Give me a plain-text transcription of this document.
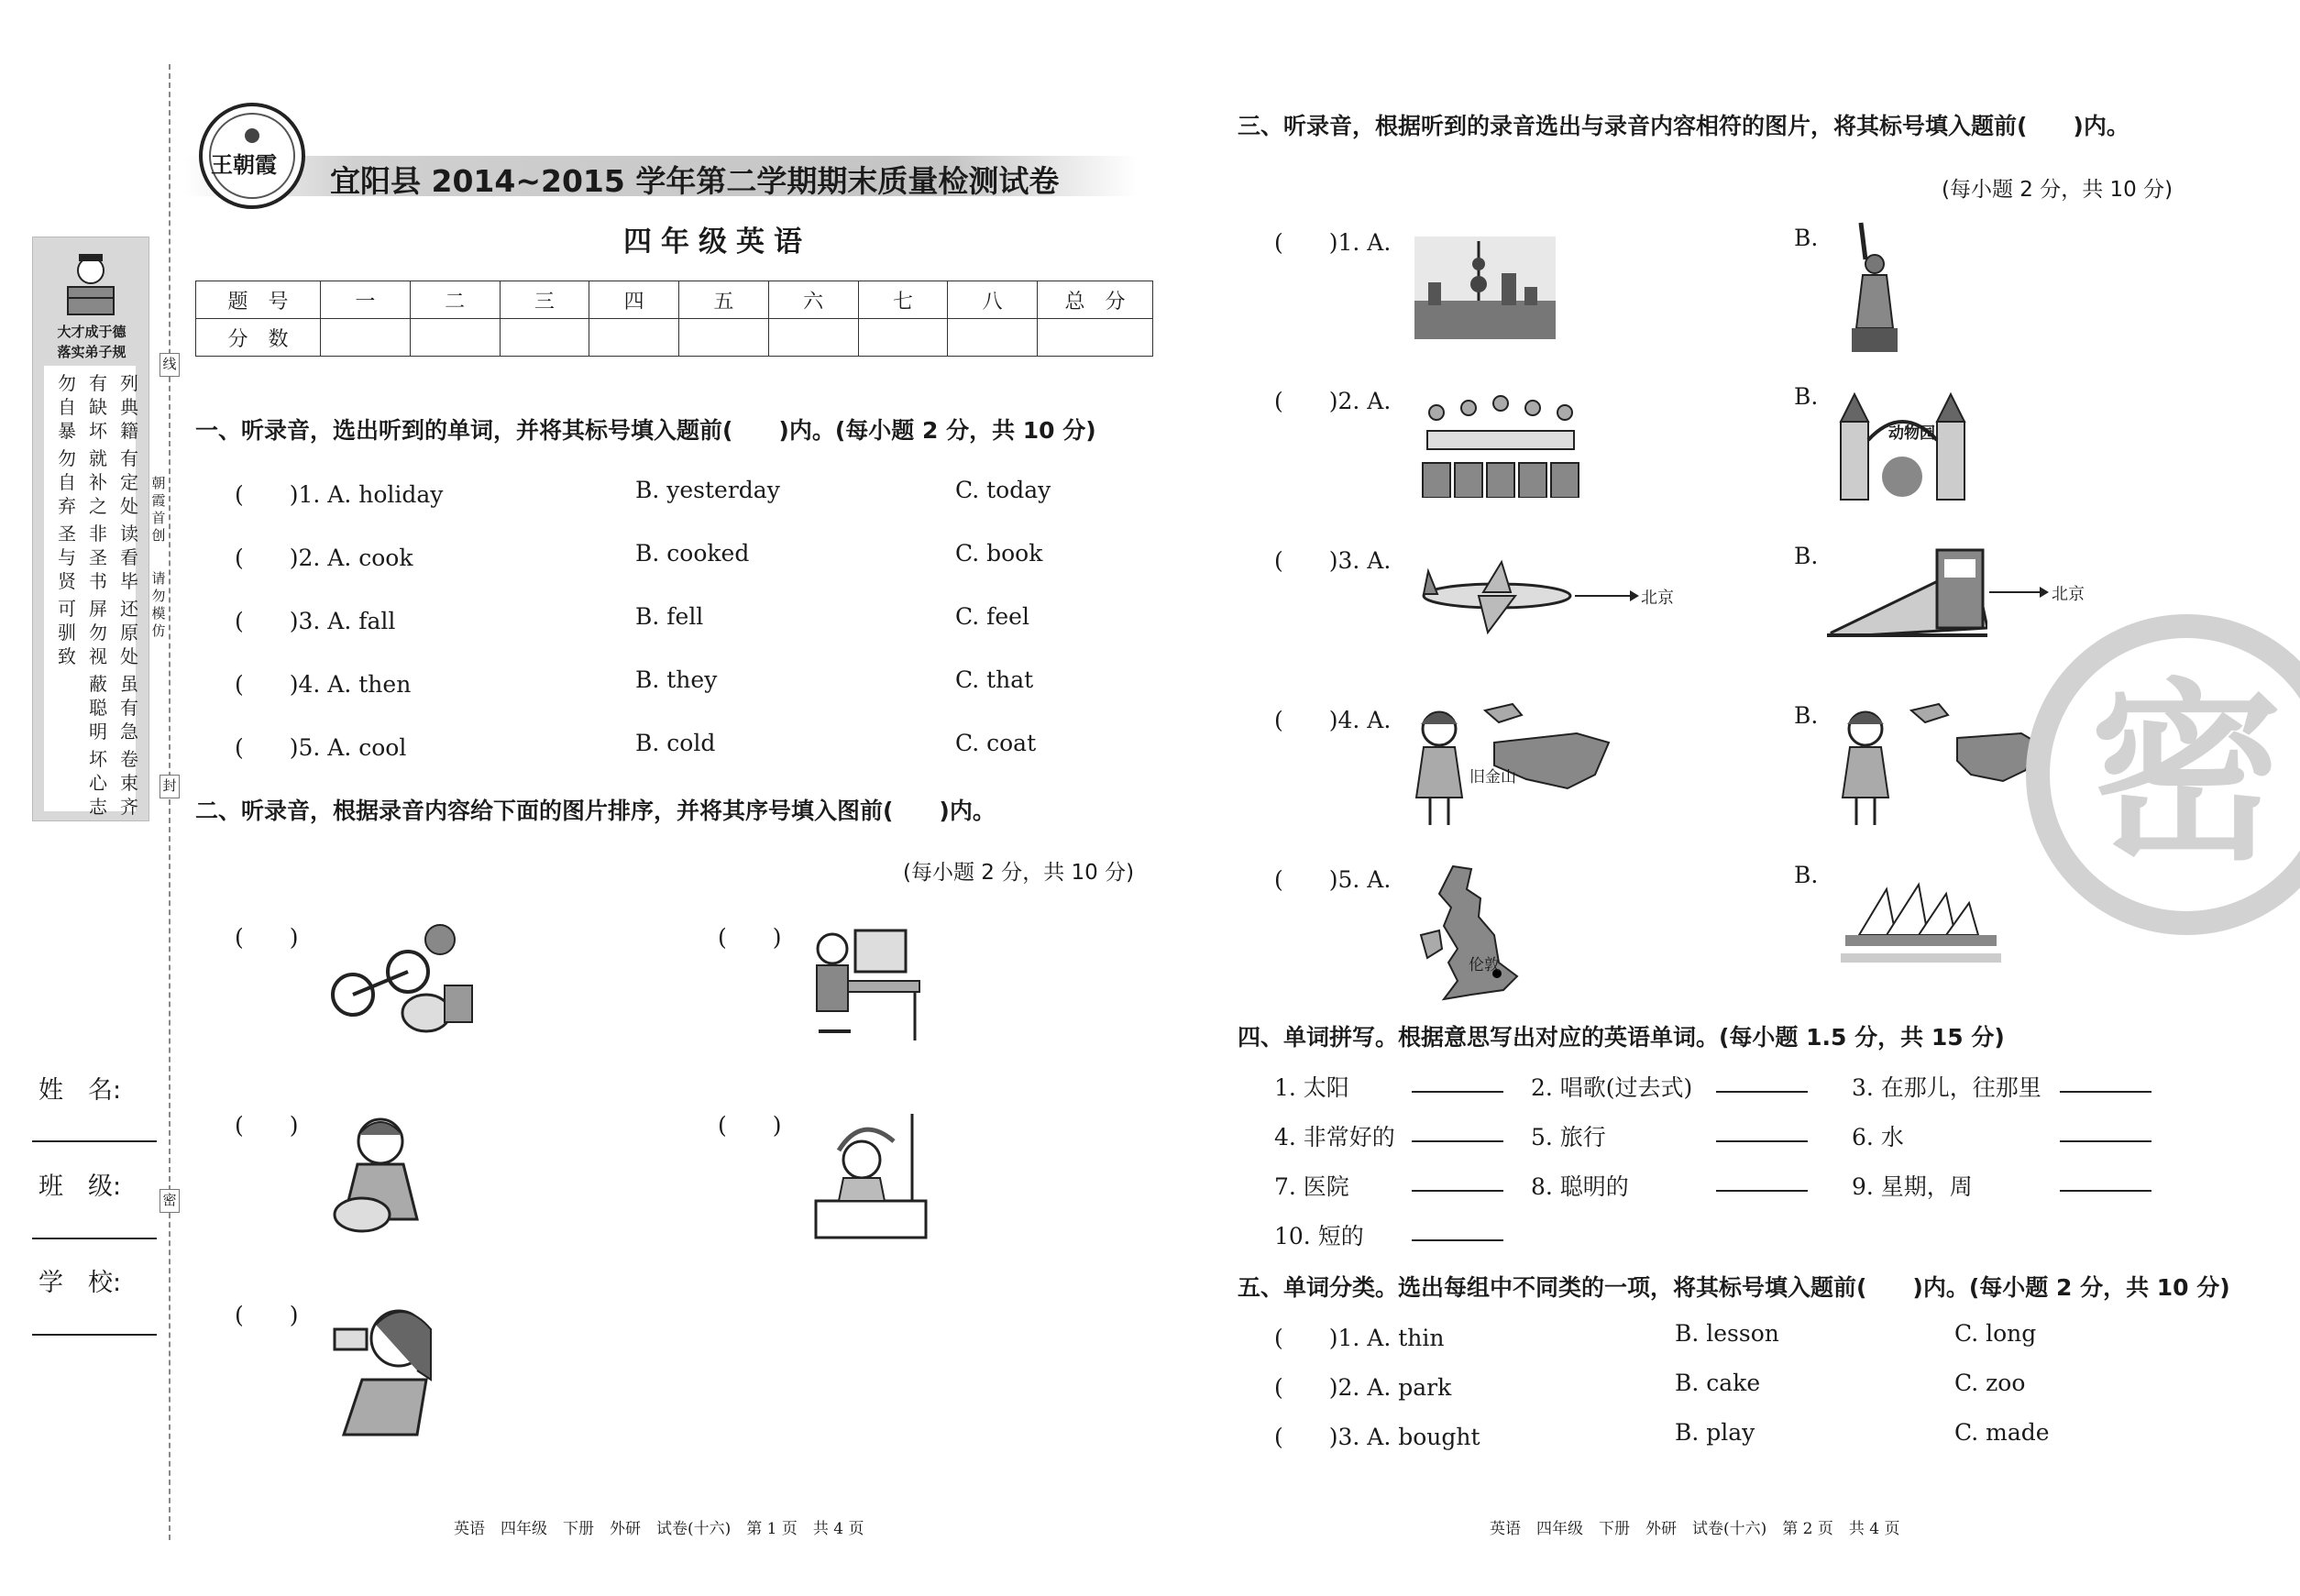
大才成于德
落实弟子规
勿自暴
有缺坏
列典籍
勿自弃
就补之
有定处
圣与贤
非圣书
读看毕
可驯致
屏勿视
还原处
蔽聪明
虽有急
坏心志
卷束齐
朝霞首创
请勿模仿
线
封
密
姓　名:
班　级:
学　校:
王朝霞 宜阳县 2014~2015 学年第二学期期末质量检测试卷
四年级英语
题　号	一	二	三	四	五	六	七	八	总　分
分　数									
一、听录音，选出听到的单词，并将其标号填入题前(　　)内。(每小题 2 分，共 10 分)
(　　)1. A. holiday	B. yesterday	C. today
(　　)2. A. cook	B. cooked	C. book
(　　)3. A. fall	B. fell	C. feel
(　　)4. A. then	B. they	C. that
(　　)5. A. cool	B. cold	C. coat
二、听录音，根据录音内容给下面的图片排序，并将其序号填入图前(　　)内。
(每小题 2 分，共 10 分)
(　　)	(　　)
(　　)	(　　)
(　　)
英语　四年级　下册　外研　试卷(十六)　第 1 页　共 4 页
三、听录音，根据听到的录音选出与录音内容相符的图片，将其标号填入题前(　　)内。
(每小题 2 分，共 10 分)
(　　)1. A.	B.
(　　)2. A.	B.
动物园
(　　)3. A.
北京
B.
北京
(　　)4. A.
旧金山
B.
(　　)5. A.
伦敦
B.
四、单词拼写。根据意思写出对应的英语单词。(每小题 1.5 分，共 15 分)
1. 太阳	2. 唱歌(过去式)	3. 在那儿，往那里
4. 非常好的	5. 旅行	6. 水
7. 医院	8. 聪明的	9. 星期，周
10. 短的
五、单词分类。选出每组中不同类的一项，将其标号填入题前(　　)内。(每小题 2 分，共 10 分)
(　　)1. A. thin	B. lesson	C. long
(　　)2. A. park	B. cake	C. zoo
(　　)3. A. bought	B. play	C. made
英语　四年级　下册　外研　试卷(十六)　第 2 页　共 4 页
密
